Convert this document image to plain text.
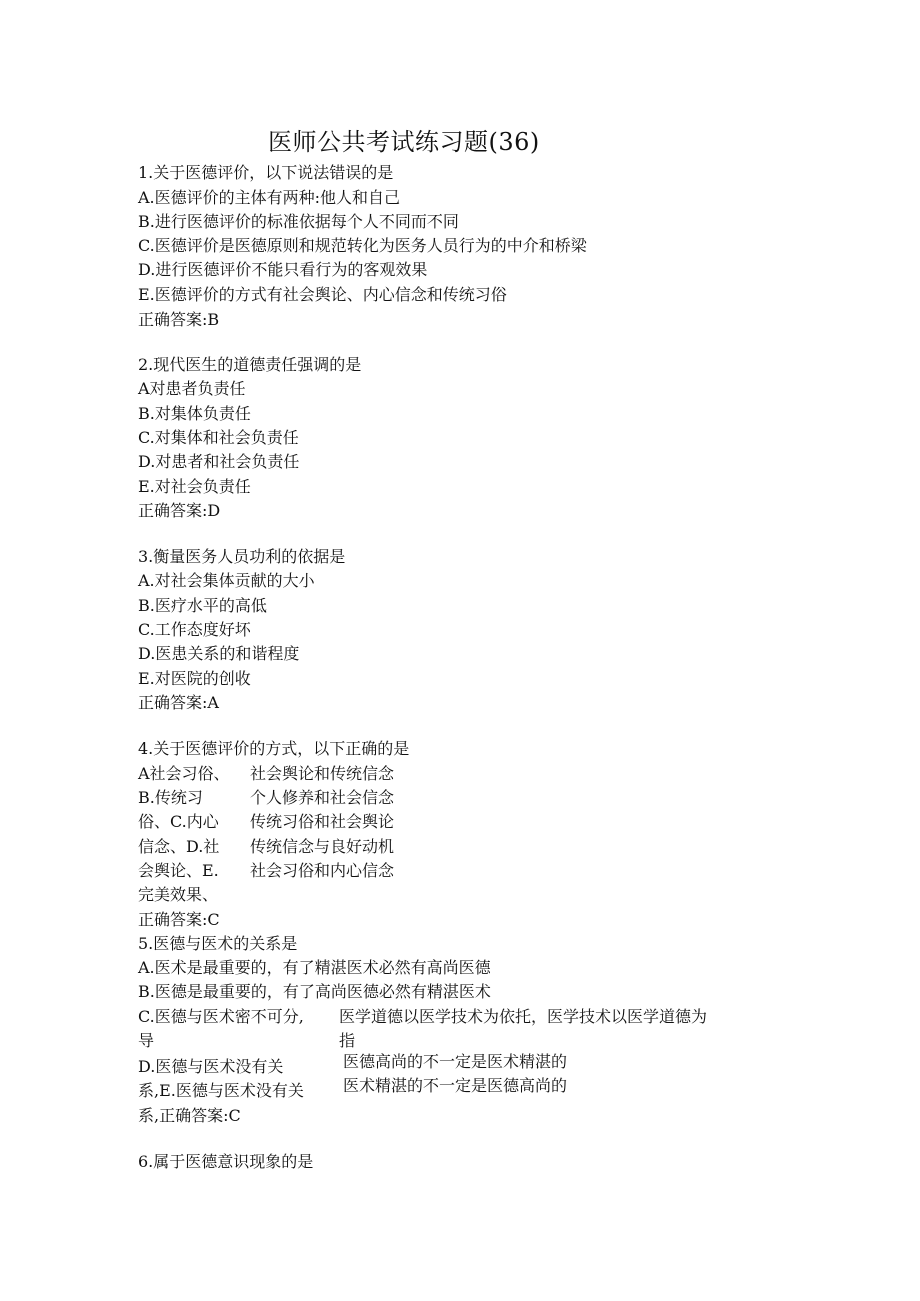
医师公共考试练习题(36)
1.关于医德评价，以下说法错误的是
A.医德评价的主体有两种:他人和自己
B.进行医德评价的标准依据每个人不同而不同
C.医德评价是医德原则和规范转化为医务人员行为的中介和桥梁
D.进行医德评价不能只看行为的客观效果
E.医德评价的方式有社会舆论、内心信念和传统习俗
正确答案:B
2.现代医生的道德责任强调的是
A对患者负责任
B.对集体负责任
C.对集体和社会负责任
D.对患者和社会负责任
E.对社会负责任
正确答案:D
3.衡量医务人员功利的依据是
A.对社会集体贡献的大小
B.医疗水平的高低
C.工作态度好坏
D.医患关系的和谐程度
E.对医院的创收
正确答案:A
4.关于医德评价的方式，以下正确的是
A社会习俗、
B.传统习
俗、C.内心
信念、D.社
会舆论、E.
完美效果、
社会舆论和传统信念
个人修养和社会信念
传统习俗和社会舆论
传统信念与良好动机
社会习俗和内心信念
正确答案:C
5.医德与医术的关系是
A.医术是最重要的，有了精湛医术必然有高尚医德
B.医德是最重要的，有了高尚医德必然有精湛医术
C.医德与医术密不可分, 医学道德以医学技术为依托，医学技术以医学道德为
指
导
D.医德与医术没有关
系,E.医德与医术没有关
系,正确答案:C
医德高尚的不一定是医术精湛的
医术精湛的不一定是医德高尚的
6.属于医德意识现象的是
